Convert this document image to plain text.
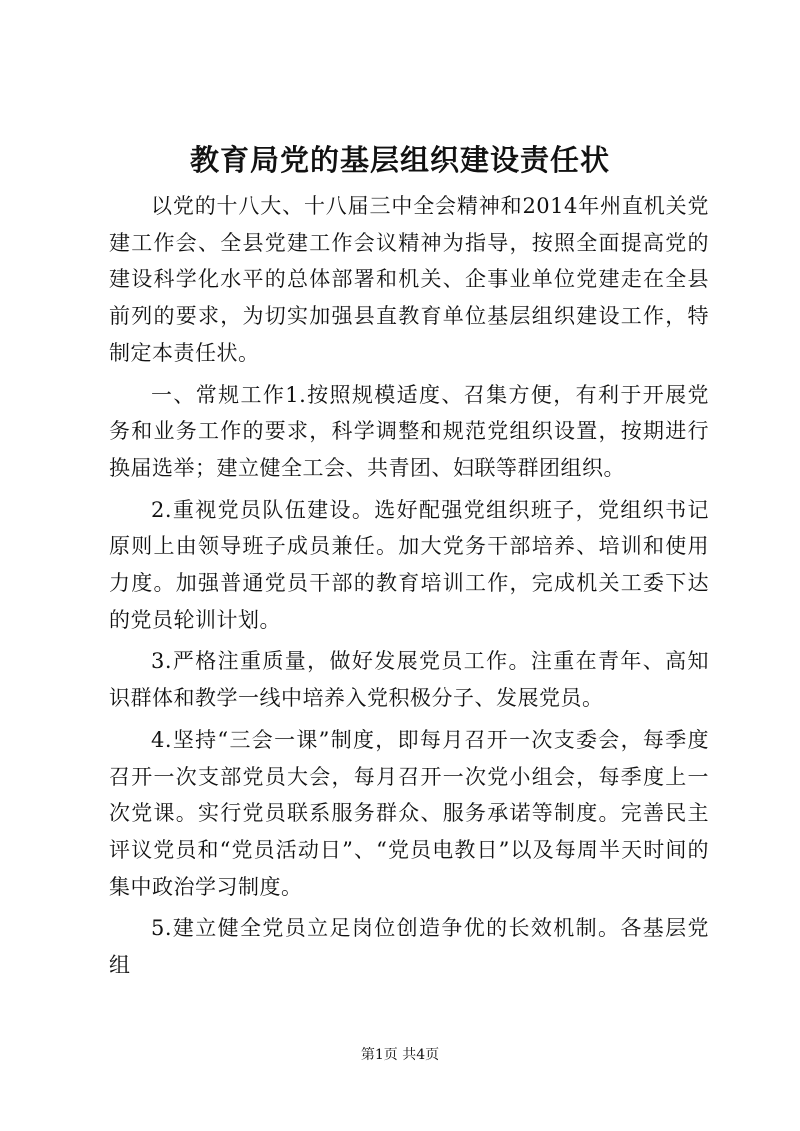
教育局党的基层组织建设责任状

以党的十八大、十八届三中全会精神和2014年州直机关党建工作会、全县党建工作会议精神为指导，按照全面提高党的建设科学化水平的总体部署和机关、企事业单位党建走在全县前列的要求，为切实加强县直教育单位基层组织建设工作，特制定本责任状。

一、常规工作1.按照规模适度、召集方便，有利于开展党务和业务工作的要求，科学调整和规范党组织设置，按期进行换届选举；建立健全工会、共青团、妇联等群团组织。

2.重视党员队伍建设。选好配强党组织班子，党组织书记原则上由领导班子成员兼任。加大党务干部培养、培训和使用力度。加强普通党员干部的教育培训工作，完成机关工委下达的党员轮训计划。

3.严格注重质量，做好发展党员工作。注重在青年、高知识群体和教学一线中培养入党积极分子、发展党员。

4.坚持“三会一课”制度，即每月召开一次支委会，每季度召开一次支部党员大会，每月召开一次党小组会，每季度上一次党课。实行党员联系服务群众、服务承诺等制度。完善民主评议党员和“党员活动日”、“党员电教日”以及每周半天时间的集中政治学习制度。

5.建立健全党员立足岗位创造争优的长效机制。各基层党组

第1页 共4页
